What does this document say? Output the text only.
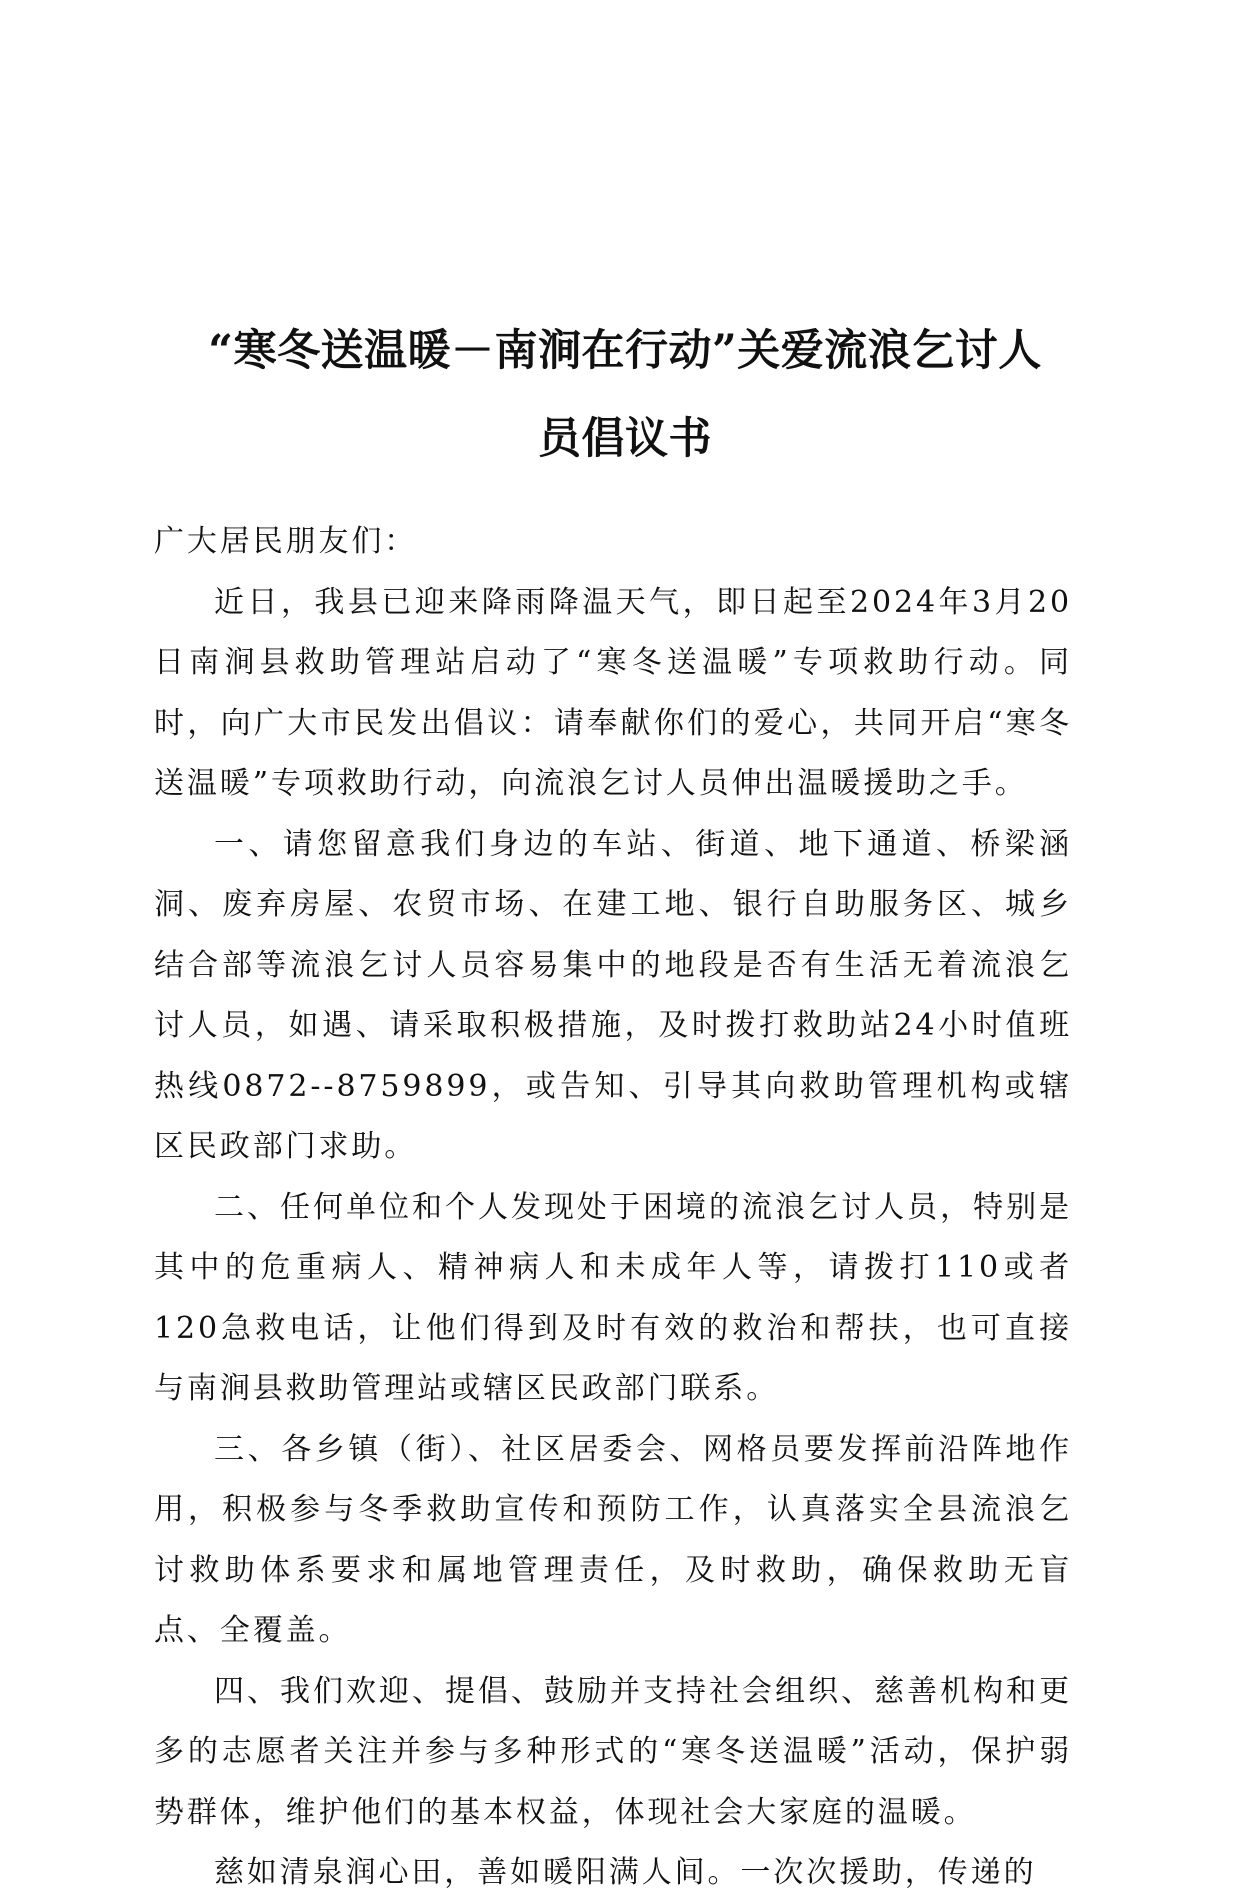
“寒冬送温暖－南涧在行动”关爱流浪乞讨人
员倡议书

广大居民朋友们：

近日，我县已迎来降雨降温天气，即日起至2024年3月20日南涧县救助管理站启动了“寒冬送温暖”专项救助行动。同时，向广大市民发出倡议：请奉献你们的爱心，共同开启“寒冬送温暖”专项救助行动，向流浪乞讨人员伸出温暖援助之手。

一、请您留意我们身边的车站、街道、地下通道、桥梁涵洞、废弃房屋、农贸市场、在建工地、银行自助服务区、城乡结合部等流浪乞讨人员容易集中的地段是否有生活无着流浪乞讨人员，如遇、请采取积极措施，及时拨打救助站24小时值班热线0872--8759899，或告知、引导其向救助管理机构或辖区民政部门求助。

二、任何单位和个人发现处于困境的流浪乞讨人员，特别是其中的危重病人、精神病人和未成年人等，请拨打110或者120急救电话，让他们得到及时有效的救治和帮扶，也可直接与南涧县救助管理站或辖区民政部门联系。

三、各乡镇（街）、社区居委会、网格员要发挥前沿阵地作用，积极参与冬季救助宣传和预防工作，认真落实全县流浪乞讨救助体系要求和属地管理责任，及时救助，确保救助无盲点、全覆盖。

四、我们欢迎、提倡、鼓励并支持社会组织、慈善机构和更多的志愿者关注并参与多种形式的“寒冬送温暖”活动，保护弱势群体，维护他们的基本权益，体现社会大家庭的温暖。

慈如清泉润心田，善如暖阳满人间。一次次援助，传递的
